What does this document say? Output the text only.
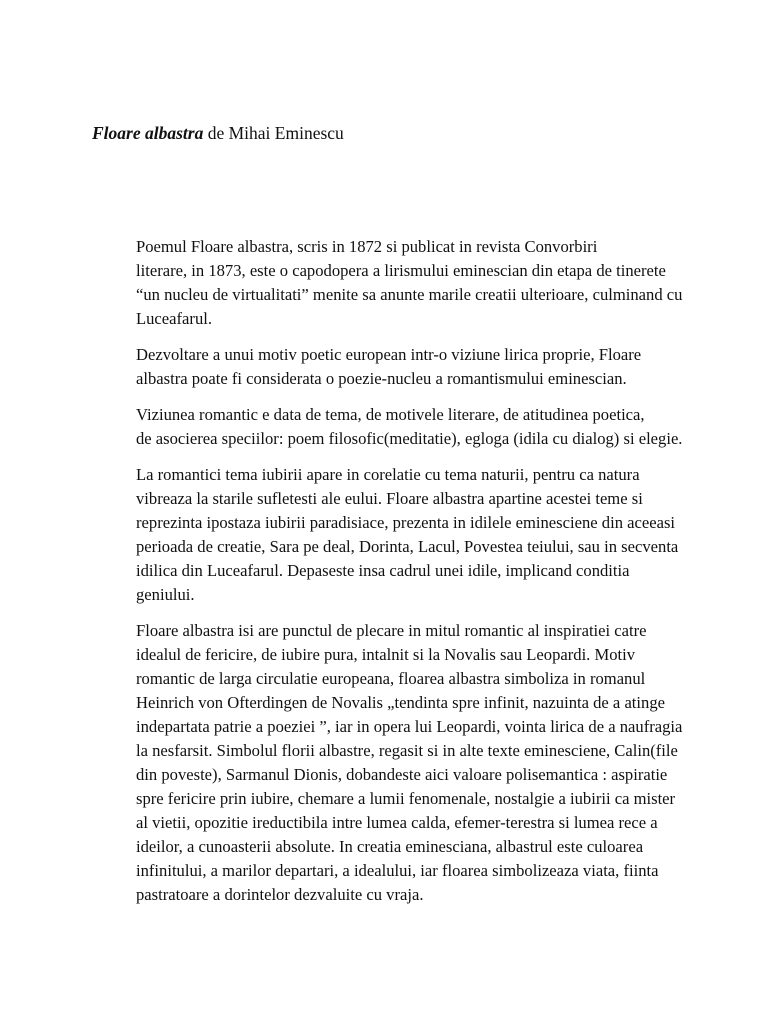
Floare albastra de Mihai Eminescu

Poemul Floare albastra, scris in 1872 si publicat in revista Convorbiri
literare, in 1873, este o capodopera a lirismului eminescian din etapa de tinerete
“un nucleu de virtualitati” menite sa anunte marile creatii ulterioare, culminand cu
Luceafarul.

Dezvoltare a unui motiv poetic european intr-o viziune lirica proprie, Floare
albastra poate fi considerata o poezie-nucleu a romantismului eminescian.

Viziunea romantic e data de tema, de motivele literare, de atitudinea poetica,
de asocierea speciilor: poem filosofic(meditatie), egloga (idila cu dialog) si elegie.

La romantici tema iubirii apare in corelatie cu tema naturii, pentru ca natura
vibreaza la starile sufletesti ale eului. Floare albastra apartine acestei teme si
reprezinta ipostaza iubirii paradisiace, prezenta in idilele eminesciene din aceeasi
perioada de creatie, Sara pe deal, Dorinta, Lacul, Povestea teiului, sau in secventa
idilica din Luceafarul. Depaseste insa cadrul unei idile, implicand conditia
geniului.

Floare albastra isi are punctul de plecare in mitul romantic al inspiratiei catre
idealul de fericire, de iubire pura, intalnit si la Novalis sau Leopardi. Motiv
romantic de larga circulatie europeana, floarea albastra simboliza in romanul
Heinrich von Ofterdingen de Novalis „tendinta spre infinit, nazuinta de a atinge
indepartata patrie a poeziei ”, iar in opera lui Leopardi, vointa lirica de a naufragia
la nesfarsit. Simbolul florii albastre, regasit si in alte texte eminesciene, Calin(file
din poveste), Sarmanul Dionis, dobandeste aici valoare polisemantica : aspiratie
spre fericire prin iubire, chemare a lumii fenomenale, nostalgie a iubirii ca mister
al vietii, opozitie ireductibila intre lumea calda, efemer-terestra si lumea rece a
ideilor, a cunoasterii absolute. In creatia eminesciana, albastrul este culoarea
infinitului, a marilor departari, a idealului, iar floarea simbolizeaza viata, fiinta
pastratoare a dorintelor dezvaluite cu vraja.
